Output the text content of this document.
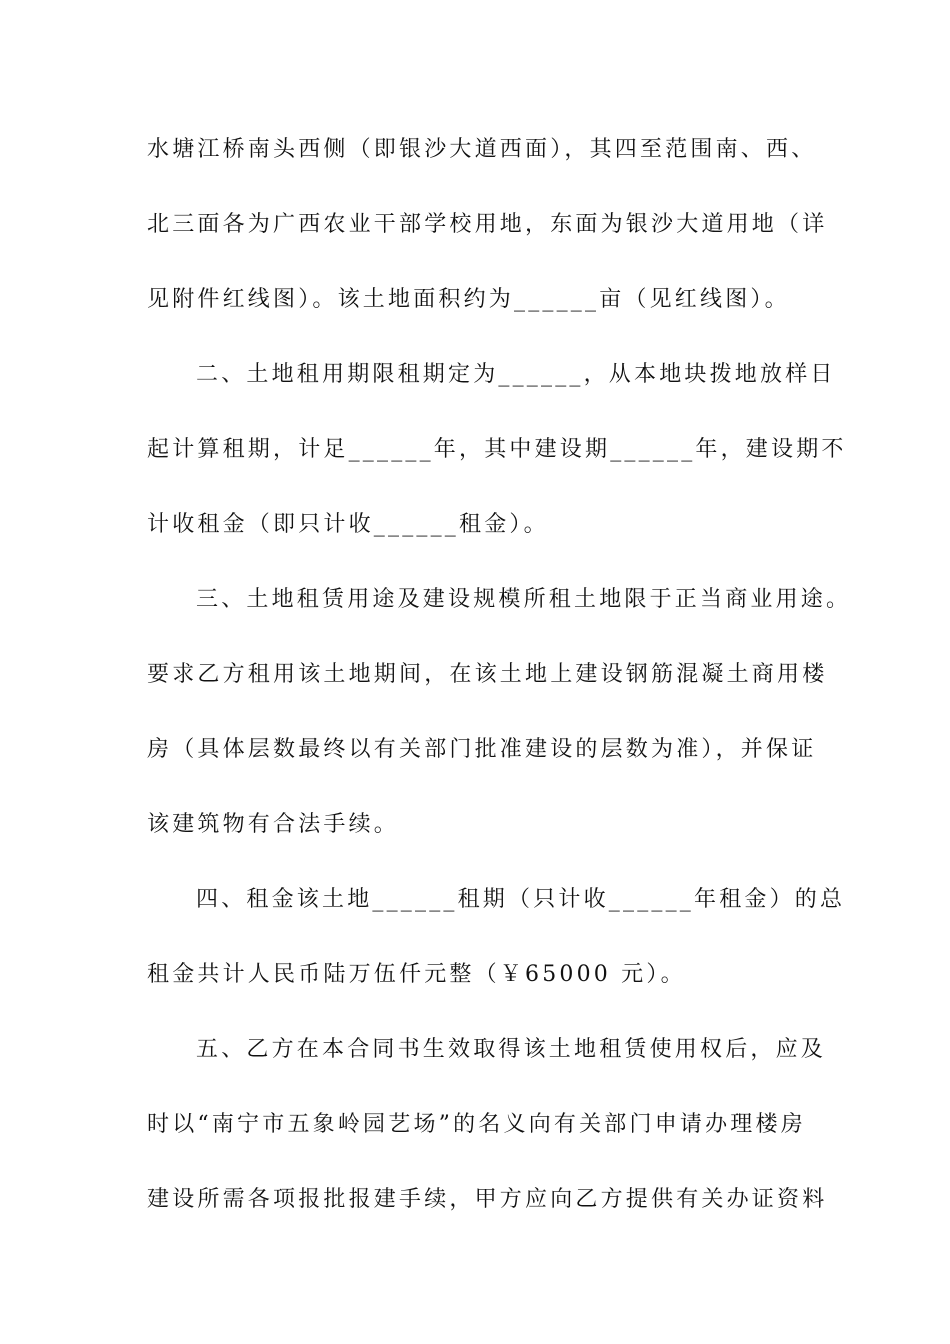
水塘江桥南头西侧（即银沙大道西面），其四至范围南、西、
北三面各为广西农业干部学校用地，东面为银沙大道用地（详
见附件红线图）。该土地面积约为______亩（见红线图）。
二、土地租用期限租期定为______，从本地块拨地放样日
起计算租期，计足______年，其中建设期______年，建设期不
计收租金（即只计收______租金）。
三、土地租赁用途及建设规模所租土地限于正当商业用途。
要求乙方租用该土地期间，在该土地上建设钢筋混凝土商用楼
房（具体层数最终以有关部门批准建设的层数为准），并保证
该建筑物有合法手续。
四、租金该土地______租期（只计收______年租金）的总
租金共计人民币陆万伍仟元整（￥65000 元）。
五、乙方在本合同书生效取得该土地租赁使用权后，应及
时以“南宁市五象岭园艺场”的名义向有关部门申请办理楼房
建设所需各项报批报建手续，甲方应向乙方提供有关办证资料
